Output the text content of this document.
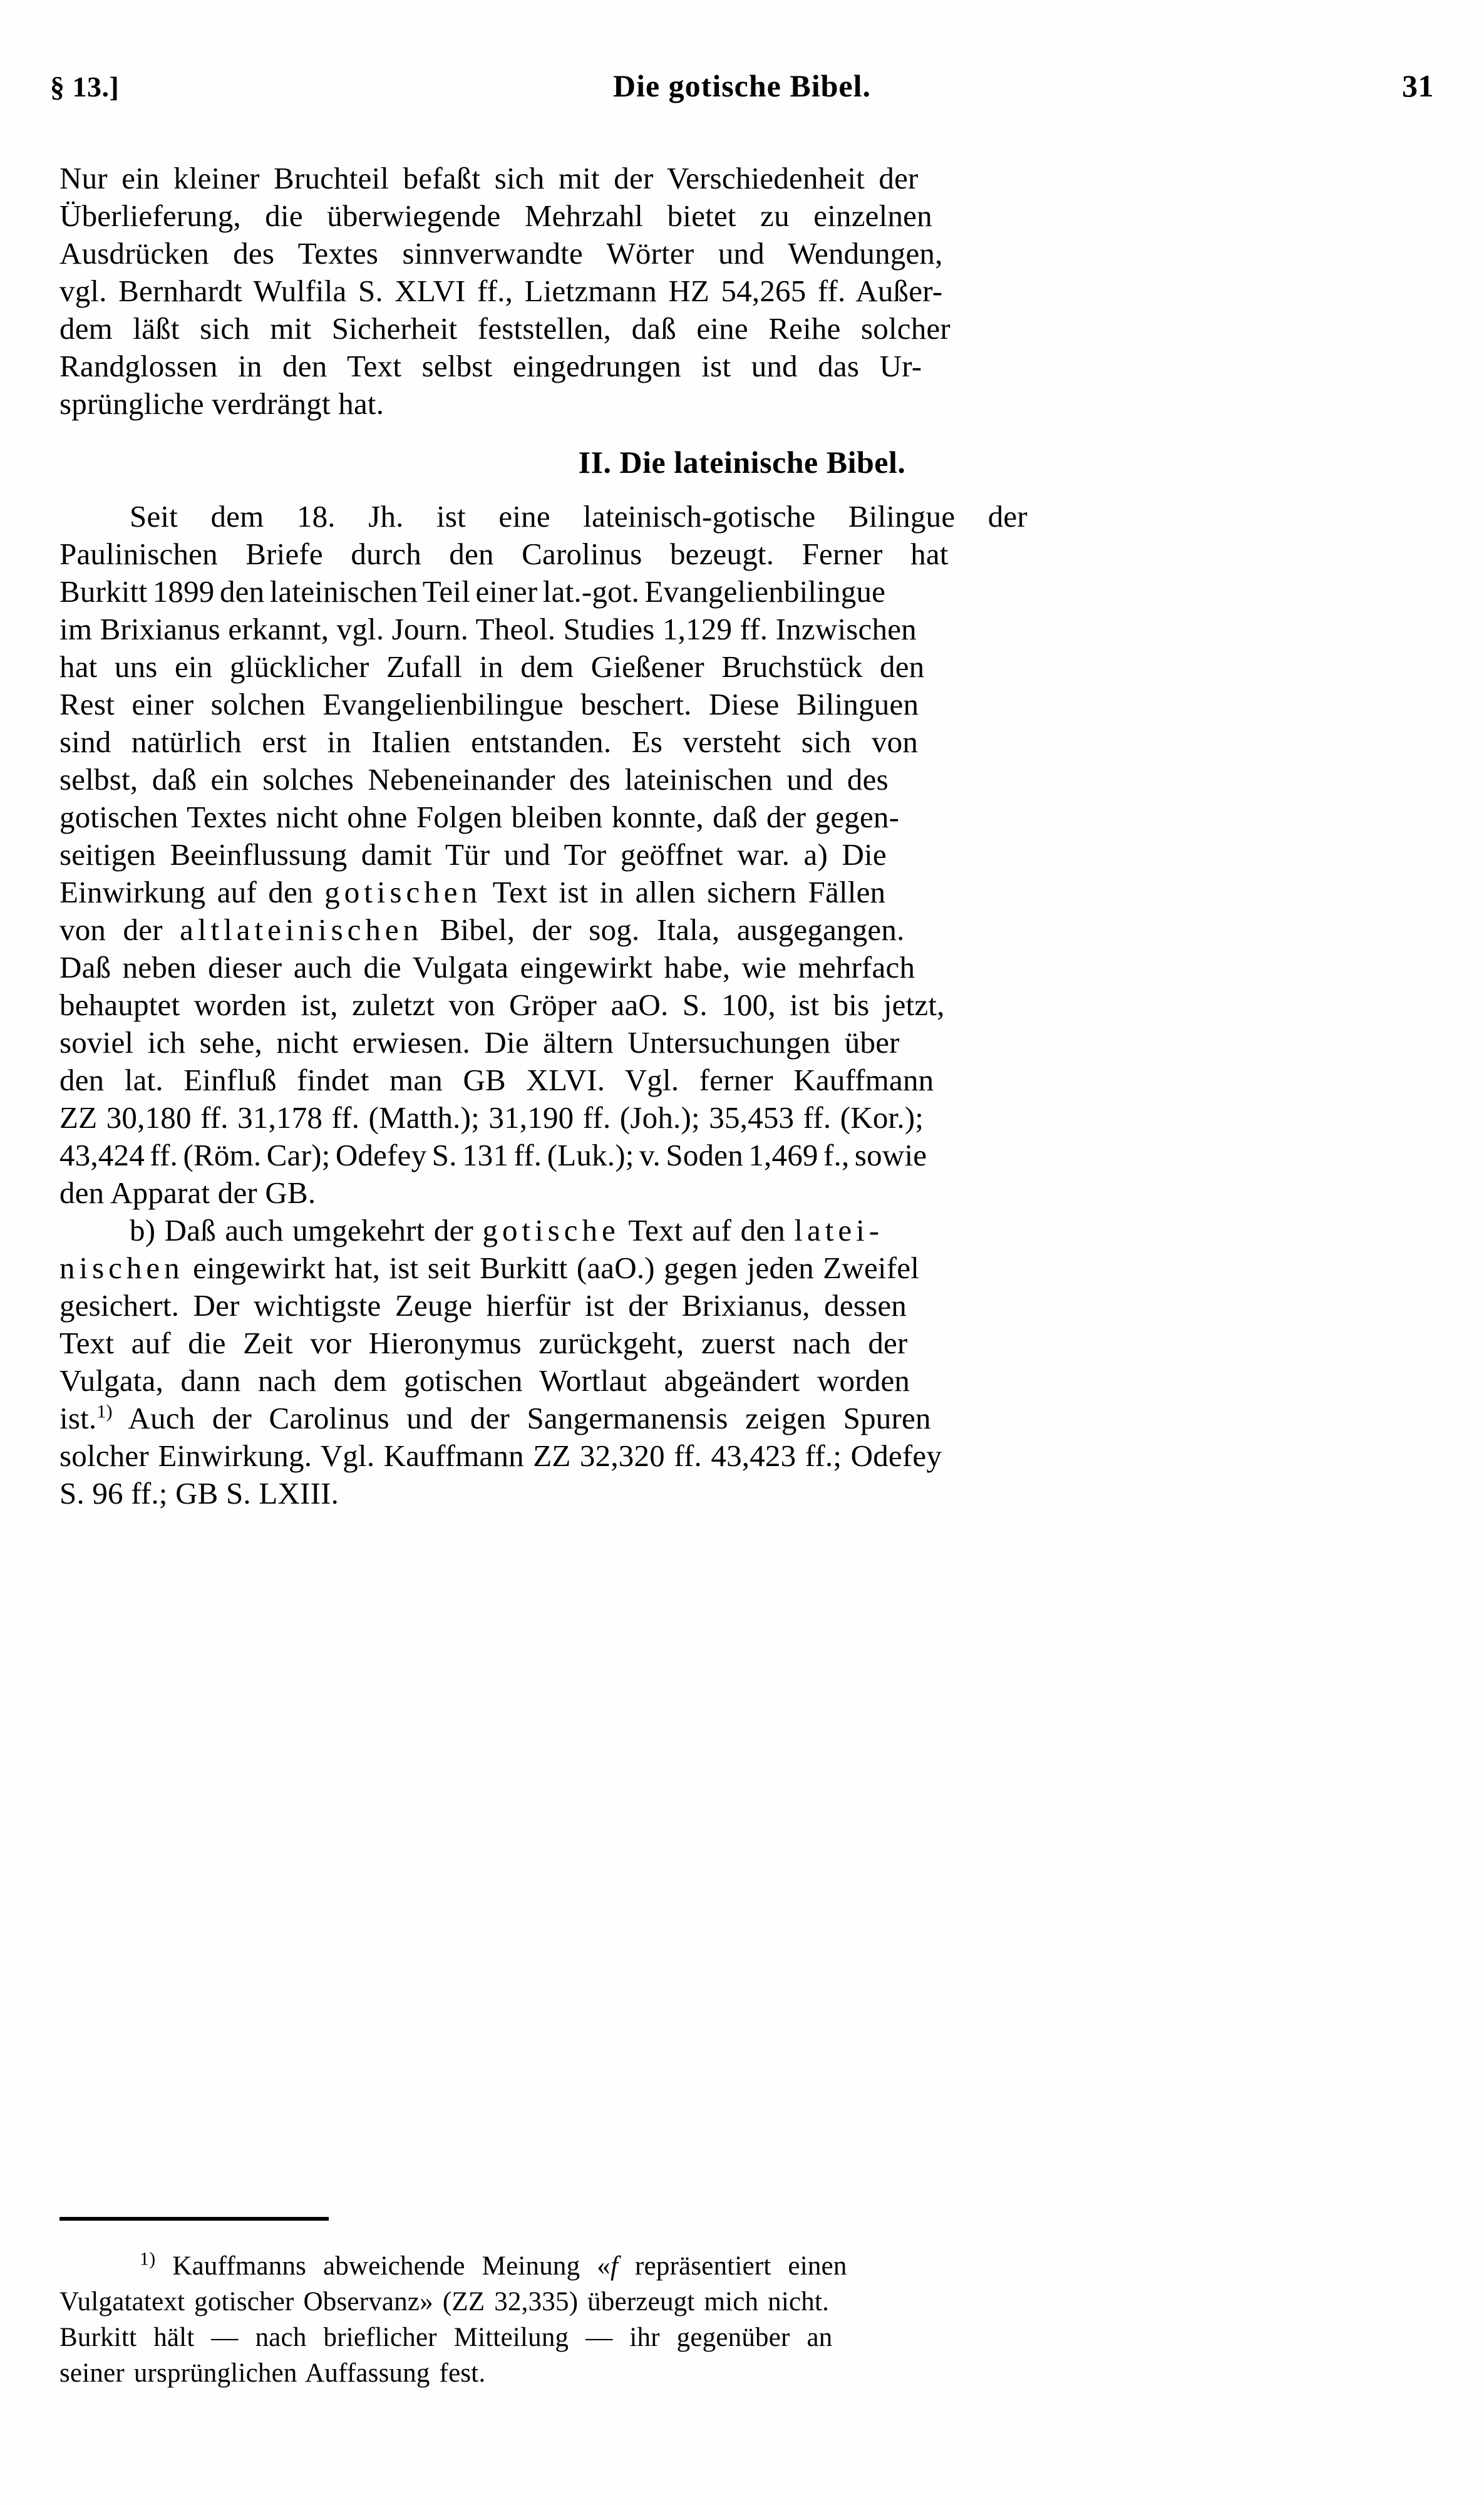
§ 13.]	Die gotische Bibel.	31
Nur ein kleiner Bruchteil befaßt sich mit der Verschiedenheit der
Überlieferung, die überwiegende Mehrzahl bietet zu einzelnen
Ausdrücken des Textes sinnverwandte Wörter und Wendungen,
vgl. Bernhardt Wulfila S. XLVI ff., Lietzmann HZ 54,265 ff. Außer-
dem läßt sich mit Sicherheit feststellen, daß eine Reihe solcher
Randglossen in den Text selbst eingedrungen ist und das Ur-
sprüngliche verdrängt hat.
II. Die lateinische Bibel.
Seit dem 18. Jh. ist eine lateinisch-gotische Bilingue der
Paulinischen Briefe durch den Carolinus bezeugt. Ferner hat
Burkitt 1899 den lateinischen Teil einer lat.-got. Evangelienbilingue
im Brixianus erkannt, vgl. Journ. Theol. Studies 1,129 ff. Inzwischen
hat uns ein glücklicher Zufall in dem Gießener Bruchstück den
Rest einer solchen Evangelienbilingue beschert. Diese Bilinguen
sind natürlich erst in Italien entstanden. Es versteht sich von
selbst, daß ein solches Nebeneinander des lateinischen und des
gotischen Textes nicht ohne Folgen bleiben konnte, daß der gegen-
seitigen Beeinflussung damit Tür und Tor geöffnet war. a) Die
Einwirkung auf den gotischen Text ist in allen sichern Fällen
von der altlateinischen Bibel, der sog. Itala, ausgegangen.
Daß neben dieser auch die Vulgata eingewirkt habe, wie mehrfach
behauptet worden ist, zuletzt von Gröper aaO. S. 100, ist bis jetzt,
soviel ich sehe, nicht erwiesen. Die ältern Untersuchungen über
den lat. Einfluß findet man GB XLVI. Vgl. ferner Kauffmann
ZZ 30,180 ff. 31,178 ff. (Matth.); 31,190 ff. (Joh.); 35,453 ff. (Kor.);
43,424 ff. (Röm. Car); Odefey S. 131 ff. (Luk.); v. Soden 1,469 f., sowie
den Apparat der GB.
b) Daß auch umgekehrt der gotische Text auf den latei-
nischen eingewirkt hat, ist seit Burkitt (aaO.) gegen jeden Zweifel
gesichert. Der wichtigste Zeuge hierfür ist der Brixianus, dessen
Text auf die Zeit vor Hieronymus zurückgeht, zuerst nach der
Vulgata, dann nach dem gotischen Wortlaut abgeändert worden
ist.$^{1)}$ Auch der Carolinus und der Sangermanensis zeigen Spuren
solcher Einwirkung. Vgl. Kauffmann ZZ 32,320 ff. 43,423 ff.; Odefey
S. 96 ff.; GB S. LXIII.
$^{1)}$ Kauffmanns abweichende Meinung «f repräsentiert einen
Vulgatatext gotischer Observanz» (ZZ 32,335) überzeugt mich nicht.
Burkitt hält — nach brieflicher Mitteilung — ihr gegenüber an
seiner ursprünglichen Auffassung fest.
